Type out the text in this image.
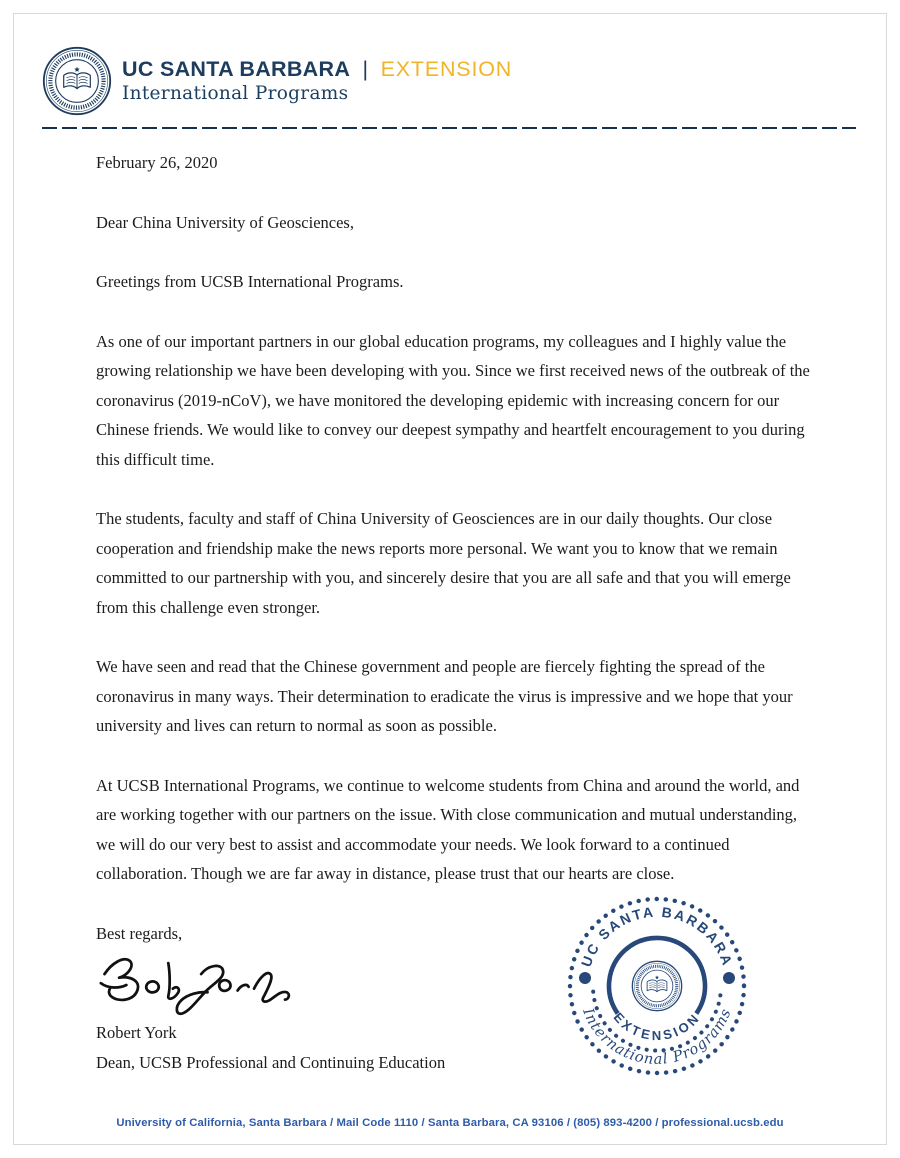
UC SANTA BARBARA | EXTENSION
International Programs

February 26, 2020

Dear China University of Geosciences,

Greetings from UCSB International Programs.

As one of our important partners in our global education programs, my colleagues and I highly value the growing relationship we have been developing with you. Since we first received news of the outbreak of the coronavirus (2019-nCoV), we have monitored the developing epidemic with increasing concern for our Chinese friends. We would like to convey our deepest sympathy and heartfelt encouragement to you during this difficult time.

The students, faculty and staff of China University of Geosciences are in our daily thoughts. Our close cooperation and friendship make the news reports more personal. We want you to know that we remain committed to our partnership with you, and sincerely desire that you are all safe and that you will emerge from this challenge even stronger.

We have seen and read that the Chinese government and people are fiercely fighting the spread of the coronavirus in many ways. Their determination to eradicate the virus is impressive and we hope that your university and lives can return to normal as soon as possible.

At UCSB International Programs, we continue to welcome students from China and around the world, and are working together with our partners on the issue. With close communication and mutual understanding, we will do our very best to assist and accommodate your needs. We look forward to a continued collaboration. Though we are far away in distance, please trust that our hearts are close.

Best regards,

Robert York

Dean, UCSB Professional and Continuing Education

UC SANTA BARBARA
EXTENSION
International Programs
University of California, Santa Barbara / Mail Code 1110 / Santa Barbara, CA 93106 / (805) 893-4200 / professional.ucsb.edu
